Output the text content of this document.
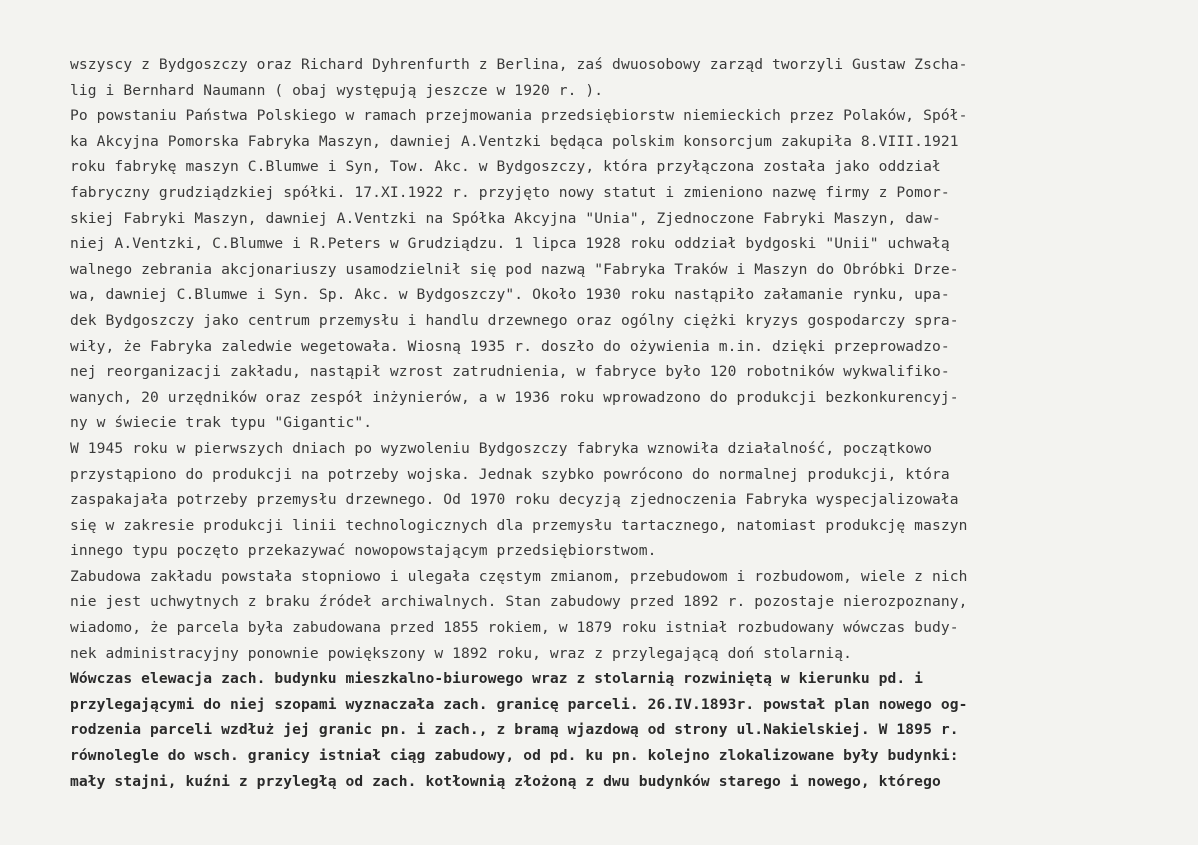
wszyscy z Bydgoszczy oraz Richard Dyhrenfurth z Berlina, zaś dwuosobowy zarząd tworzyli Gustaw Zscha-
lig i Bernhard Naumann ( obaj występują jeszcze w 1920 r. ).
Po powstaniu Państwa Polskiego w ramach przejmowania przedsiębiorstw niemieckich przez Polaków, Spół-
ka Akcyjna Pomorska Fabryka Maszyn, dawniej A.Ventzki będąca polskim konsorcjum zakupiła 8.VIII.1921
roku fabrykę maszyn C.Blumwe i Syn, Tow. Akc. w Bydgoszczy, która przyłączona została jako oddział
fabryczny grudziądzkiej spółki. 17.XI.1922 r. przyjęto nowy statut i zmieniono nazwę firmy z Pomor-
skiej Fabryki Maszyn, dawniej A.Ventzki na Spółka Akcyjna "Unia", Zjednoczone Fabryki Maszyn, daw-
niej A.Ventzki, C.Blumwe i R.Peters w Grudziądzu. 1 lipca 1928 roku oddział bydgoski "Unii" uchwałą
walnego zebrania akcjonariuszy usamodzielnił się pod nazwą "Fabryka Traków i Maszyn do Obróbki Drze-
wa, dawniej C.Blumwe i Syn. Sp. Akc. w Bydgoszczy". Około 1930 roku nastąpiło załamanie rynku, upa-
dek Bydgoszczy jako centrum przemysłu i handlu drzewnego oraz ogólny ciężki kryzys gospodarczy spra-
wiły, że Fabryka zaledwie wegetowała. Wiosną 1935 r. doszło do ożywienia m.in. dzięki przeprowadzo-
nej reorganizacji zakładu, nastąpił wzrost zatrudnienia, w fabryce było 120 robotników wykwalifiko-
wanych, 20 urzędników oraz zespół inżynierów, a w 1936 roku wprowadzono do produkcji bezkonkurencyj-
ny w świecie trak typu "Gigantic".
W 1945 roku w pierwszych dniach po wyzwoleniu Bydgoszczy fabryka wznowiła działalność, początkowo
przystąpiono do produkcji na potrzeby wojska. Jednak szybko powrócono do normalnej produkcji, która
zaspakajała potrzeby przemysłu drzewnego. Od 1970 roku decyzją zjednoczenia Fabryka wyspecjalizowała
się w zakresie produkcji linii technologicznych dla przemysłu tartacznego, natomiast produkcję maszyn
innego typu poczęto przekazywać nowopowstającym przedsiębiorstwom.
Zabudowa zakładu powstała stopniowo i ulegała częstym zmianom, przebudowom i rozbudowom, wiele z nich
nie jest uchwytnych z braku źródeł archiwalnych. Stan zabudowy przed 1892 r. pozostaje nierozpoznany,
wiadomo, że parcela była zabudowana przed 1855 rokiem, w 1879 roku istniał rozbudowany wówczas budy-
nek administracyjny ponownie powiększony w 1892 roku, wraz z przylegającą doń stolarnią.
Wówczas elewacja zach. budynku mieszkalno-biurowego wraz z stolarnią rozwiniętą w kierunku pd. i
przylegającymi do niej szopami wyznaczała zach. granicę parceli. 26.IV.1893r. powstał plan nowego og-
rodzenia parceli wzdłuż jej granic pn. i zach., z bramą wjazdową od strony ul.Nakielskiej. W 1895 r.
równolegle do wsch. granicy istniał ciąg zabudowy, od pd. ku pn. kolejno zlokalizowane były budynki:
mały stajni, kuźni z przyległą od zach. kotłownią złożoną z dwu budynków starego i nowego, którego
